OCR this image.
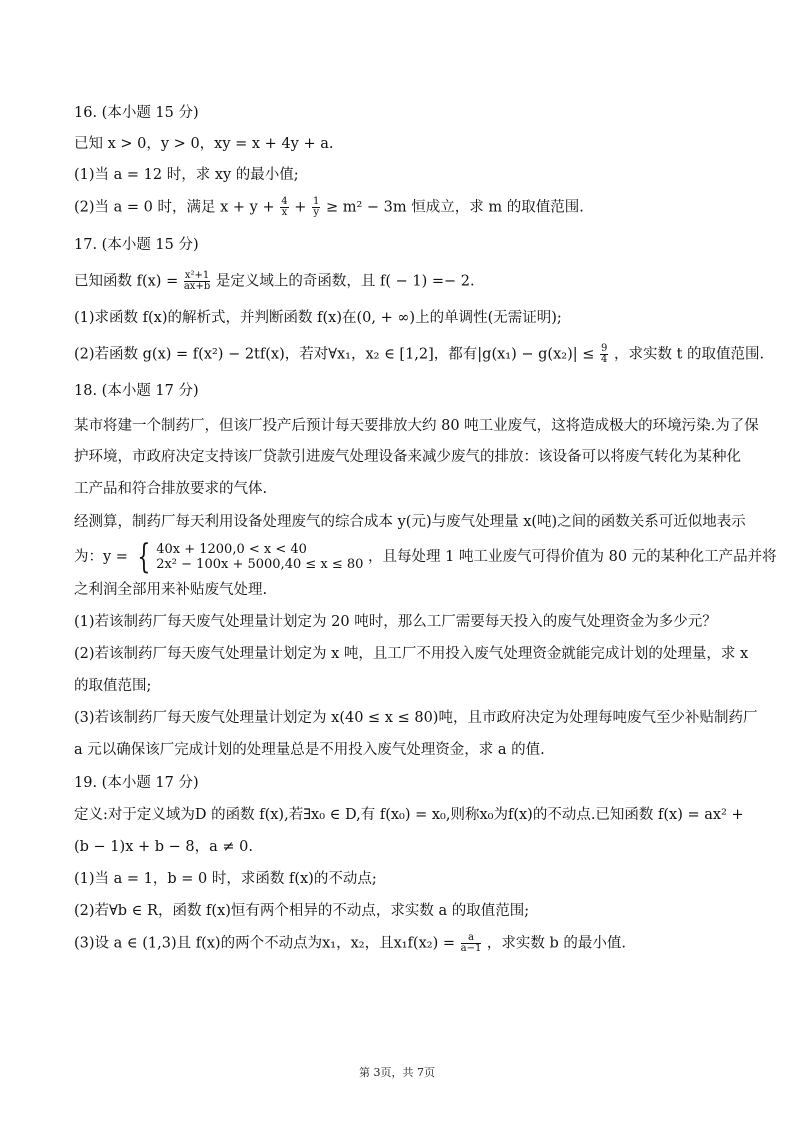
16. (本小题 15 分)
已知 x > 0，y > 0，xy = x + 4y + a.
(1)当 a = 12 时，求 xy 的最小值;
(2)当 a = 0 时，满足 $x + y + \frac{4}{x} + \frac{1}{y} \ge m^2 - 3m$ 恒成立，求 m 的取值范围.
17. (本小题 15 分)
已知函数 $f(x) = \frac{\text{x²+1}}{ax+b}$ 是定义域上的奇函数，且 f( − 1) =− 2.
(1)求函数 f(x)的解析式，并判断函数 f(x)在(0, + ∞)上的单调性(无需证明);
(2)若函数 g(x) = f(x²) − 2tf(x)，若对∀x₁，x₂ ∈ [1,2]，都有$|g(x_1) - g(x_2)| \le \frac{9}{4}$ ，求实数 t 的取值范围.
18. (本小题 17 分)
某市将建一个制药厂，但该厂投产后预计每天要排放大约 80 吨工业废气，这将造成极大的环境污染.为了保
护环境，市政府决定支持该厂贷款引进废气处理设备来减少废气的排放：该设备可以将废气转化为某种化
工产品和符合排放要求的气体.
经测算，制药厂每天利用设备处理废气的综合成本 y(元)与废气处理量 x(吨)之间的函数关系可近似地表示
为：y = { 40x + 1200,0 < x < 40
2x² − 100x + 5000,40 ≤ x ≤ 80 ，且每处理 1 吨工业废气可得价值为 80 元的某种化工产品并将
之利润全部用来补贴废气处理.
(1)若该制药厂每天废气处理量计划定为 20 吨时，那么工厂需要每天投入的废气处理资金为多少元？
(2)若该制药厂每天废气处理量计划定为 x 吨，且工厂不用投入废气处理资金就能完成计划的处理量，求 x
的取值范围;
(3)若该制药厂每天废气处理量计划定为 x(40 ≤ x ≤ 80)吨，且市政府决定为处理每吨废气至少补贴制药厂
a 元以确保该厂完成计划的处理量总是不用投入废气处理资金，求 a 的值.
19. (本小题 17 分)
定义:对于定义域为D 的函数 f(x),若∃x₀ ∈ D,有 f(x₀) = x₀,则称x₀为f(x)的不动点.已知函数 f(x) = ax² +
(b − 1)x + b − 8，a ≠ 0.
(1)当 a = 1，b = 0 时，求函数 f(x)的不动点;
(2)若∀b ∈ R，函数 f(x)恒有两个相异的不动点，求实数 a 的取值范围;
(3)设 a ∈ (1,3)且 f(x)的两个不动点为x₁，x₂，且$x_1f(x_2) = \frac{a}{a-1}$ ，求实数 b 的最小值.
第 3页，共 7页
